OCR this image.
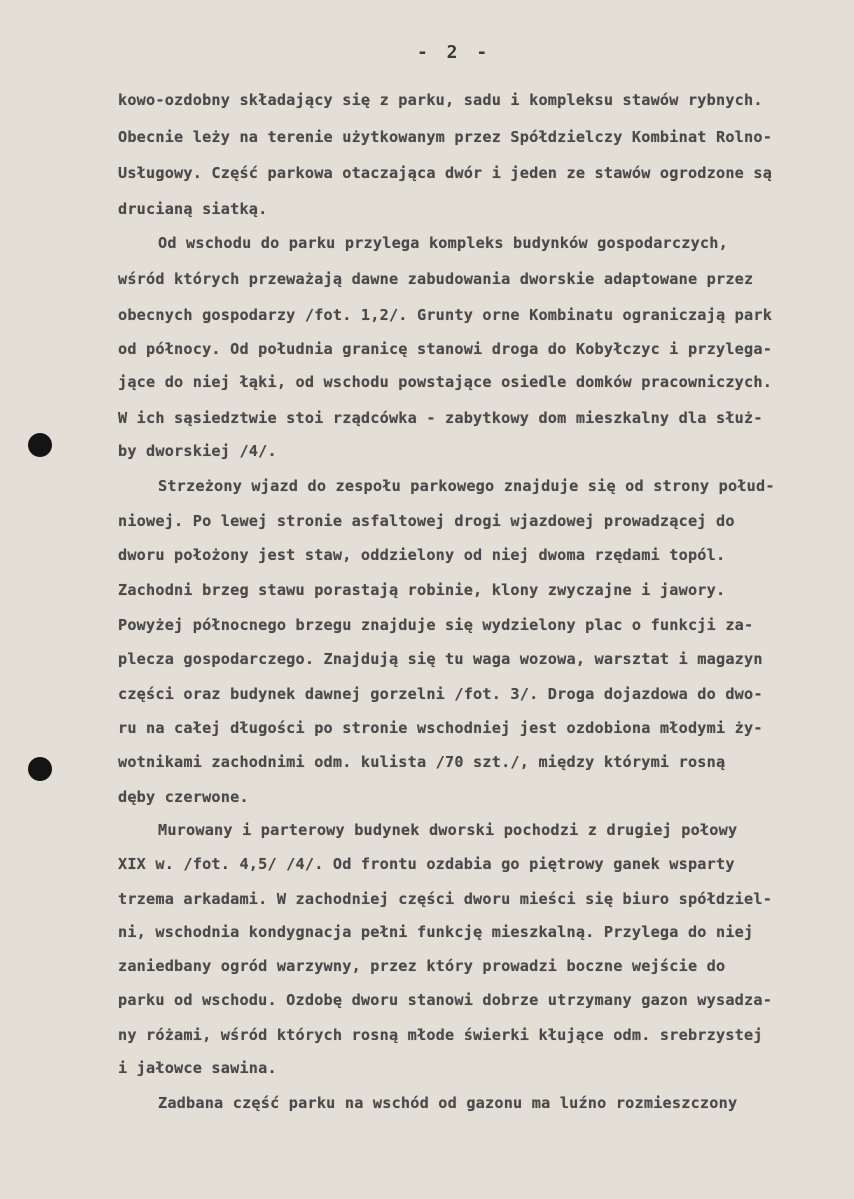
- 2 -
kowo-ozdobny składający się z parku, sadu i kompleksu stawów rybnych.
Obecnie leży na terenie użytkowanym przez Spółdzielczy Kombinat Rolno-
Usługowy. Część parkowa otaczająca dwór i jeden ze stawów ogrodzone są
drucianą siatką.
Od wschodu do parku przylega kompleks budynków gospodarczych,
wśród których przeważają dawne zabudowania dworskie adaptowane przez
obecnych gospodarzy /fot. 1,2/. Grunty orne Kombinatu ograniczają park
od północy. Od południa granicę stanowi droga do Kobyłczyc i przylega-
jące do niej łąki, od wschodu powstające osiedle domków pracowniczych.
W ich sąsiedztwie stoi rządcówka - zabytkowy dom mieszkalny dla służ-
by dworskiej /4/.
Strzeżony wjazd do zespołu parkowego znajduje się od strony połud-
niowej. Po lewej stronie asfaltowej drogi wjazdowej prowadzącej do
dworu położony jest staw, oddzielony od niej dwoma rzędami topól.
Zachodni brzeg stawu porastają robinie, klony zwyczajne i jawory.
Powyżej północnego brzegu znajduje się wydzielony plac o funkcji za-
plecza gospodarczego. Znajdują się tu waga wozowa, warsztat i magazyn
części oraz budynek dawnej gorzelni /fot. 3/. Droga dojazdowa do dwo-
ru na całej długości po stronie wschodniej jest ozdobiona młodymi ży-
wotnikami zachodnimi odm. kulista /70 szt./, między którymi rosną
dęby czerwone.
Murowany i parterowy budynek dworski pochodzi z drugiej połowy
XIX w. /fot. 4,5/ /4/. Od frontu ozdabia go piętrowy ganek wsparty
trzema arkadami. W zachodniej części dworu mieści się biuro spółdziel-
ni, wschodnia kondygnacja pełni funkcję mieszkalną. Przylega do niej
zaniedbany ogród warzywny, przez który prowadzi boczne wejście do
parku od wschodu. Ozdobę dworu stanowi dobrze utrzymany gazon wysadza-
ny różami, wśród których rosną młode świerki kłujące odm. srebrzystej
i jałowce sawina.
Zadbana część parku na wschód od gazonu ma luźno rozmieszczony
